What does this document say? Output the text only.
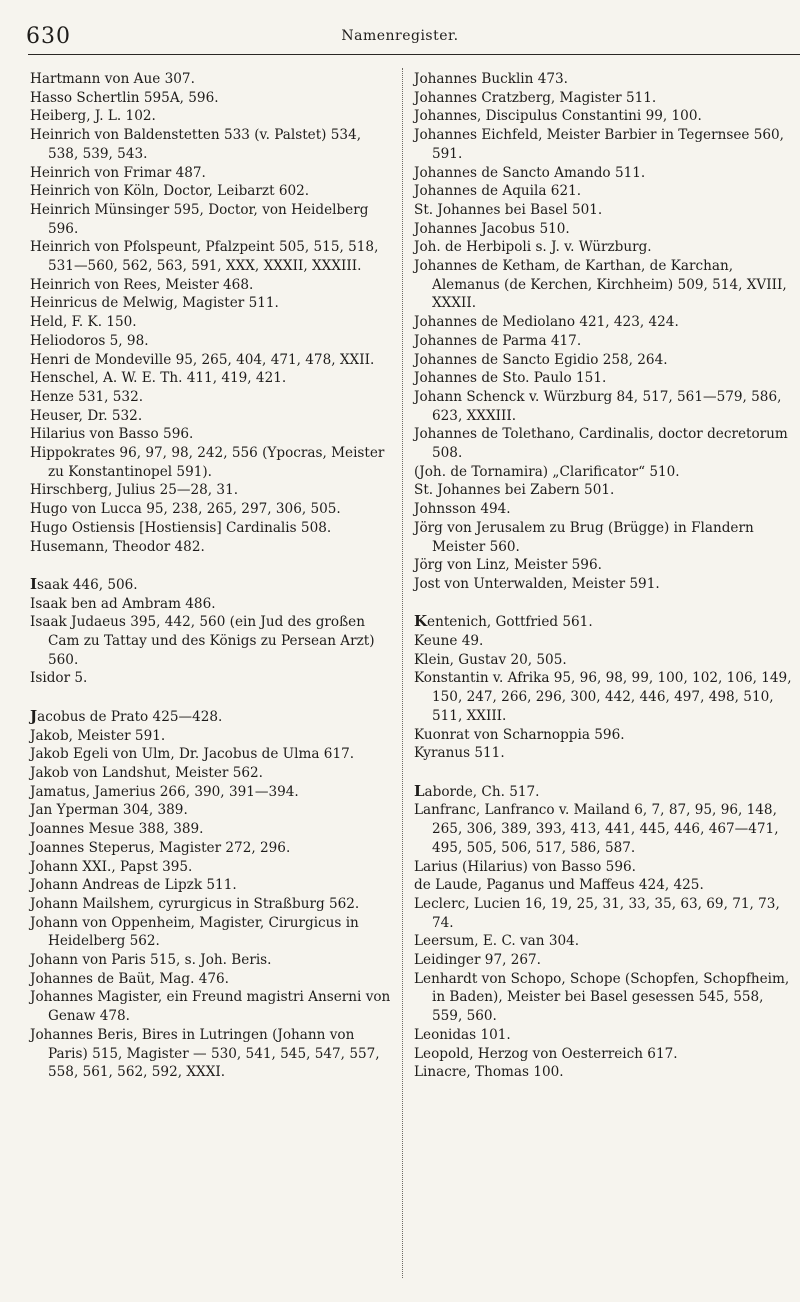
630	Namenregister.

Hartmann von Aue 307.

Hasso Schertlin 595A, 596.

Heiberg, J. L. 102.

Heinrich von Baldenstetten 533 (v. Palstet) 534, 538, 539, 543.

Heinrich von Frimar 487.

Heinrich von Köln, Doctor, Leibarzt 602.

Heinrich Münsinger 595, Doctor, von Heidelberg 596.

Heinrich von Pfolspeunt, Pfalzpeint 505, 515, 518, 531—560, 562, 563, 591, XXX, XXXII, XXXIII.

Heinrich von Rees, Meister 468.

Heinricus de Melwig, Magister 511.

Held, F. K. 150.

Heliodoros 5, 98.

Henri de Mondeville 95, 265, 404, 471, 478, XXII.

Henschel, A. W. E. Th. 411, 419, 421.

Henze 531, 532.

Heuser, Dr. 532.

Hilarius von Basso 596.

Hippokrates 96, 97, 98, 242, 556 (Ypocras, Meister zu Konstantinopel 591).

Hirschberg, Julius 25—28, 31.

Hugo von Lucca 95, 238, 265, 297, 306, 505.

Hugo Ostiensis [Hostiensis] Cardinalis 508.

Husemann, Theodor 482.

Isaak 446, 506.

Isaak ben ad Ambram 486.

Isaak Judaeus 395, 442, 560 (ein Jud des großen Cam zu Tattay und des Königs zu Persean Arzt) 560.

Isidor 5.

Jacobus de Prato 425—428.

Jakob, Meister 591.

Jakob Egeli von Ulm, Dr. Jacobus de Ulma 617.

Jakob von Landshut, Meister 562.

Jamatus, Jamerius 266, 390, 391—394.

Jan Yperman 304, 389.

Joannes Mesue 388, 389.

Joannes Steperus, Magister 272, 296.

Johann XXI., Papst 395.

Johann Andreas de Lipzk 511.

Johann Mailshem, cyrurgicus in Straßburg 562.

Johann von Oppenheim, Magister, Cirurgicus in Heidelberg 562.

Johann von Paris 515, s. Joh. Beris.

Johannes de Baüt, Mag. 476.

Johannes Magister, ein Freund magistri Anserni von Genaw 478.

Johannes Beris, Bires in Lutringen (Johann von Paris) 515, Magister — 530, 541, 545, 547, 557, 558, 561, 562, 592, XXXI.

Johannes Bucklin 473.

Johannes Cratzberg, Magister 511.

Johannes, Discipulus Constantini 99, 100.

Johannes Eichfeld, Meister Barbier in Tegernsee 560, 591.

Johannes de Sancto Amando 511.

Johannes de Aquila 621.

St. Johannes bei Basel 501.

Johannes Jacobus 510.

Joh. de Herbipoli s. J. v. Würzburg.

Johannes de Ketham, de Karthan, de Karchan, Alemanus (de Kerchen, Kirchheim) 509, 514, XVIII, XXXII.

Johannes de Mediolano 421, 423, 424.

Johannes de Parma 417.

Johannes de Sancto Egidio 258, 264.

Johannes de Sto. Paulo 151.

Johann Schenck v. Würzburg 84, 517, 561—579, 586, 623, XXXIII.

Johannes de Tolethano, Cardinalis, doctor decretorum 508.

(Joh. de Tornamira) „Clarificator“ 510.

St. Johannes bei Zabern 501.

Johnsson 494.

Jörg von Jerusalem zu Brug (Brügge) in Flandern Meister 560.

Jörg von Linz, Meister 596.

Jost von Unterwalden, Meister 591.

Kentenich, Gottfried 561.

Keune 49.

Klein, Gustav 20, 505.

Konstantin v. Afrika 95, 96, 98, 99, 100, 102, 106, 149, 150, 247, 266, 296, 300, 442, 446, 497, 498, 510, 511, XXIII.

Kuonrat von Scharnoppia 596.

Kyranus 511.

Laborde, Ch. 517.

Lanfranc, Lanfranco v. Mailand 6, 7, 87, 95, 96, 148, 265, 306, 389, 393, 413, 441, 445, 446, 467—471, 495, 505, 506, 517, 586, 587.

Larius (Hilarius) von Basso 596.

de Laude, Paganus und Maffeus 424, 425.

Leclerc, Lucien 16, 19, 25, 31, 33, 35, 63, 69, 71, 73, 74.

Leersum, E. C. van 304.

Leidinger 97, 267.

Lenhardt von Schopo, Schope (Schopfen, Schopfheim, in Baden), Meister bei Basel gesessen 545, 558, 559, 560.

Leonidas 101.

Leopold, Herzog von Oesterreich 617.

Linacre, Thomas 100.
